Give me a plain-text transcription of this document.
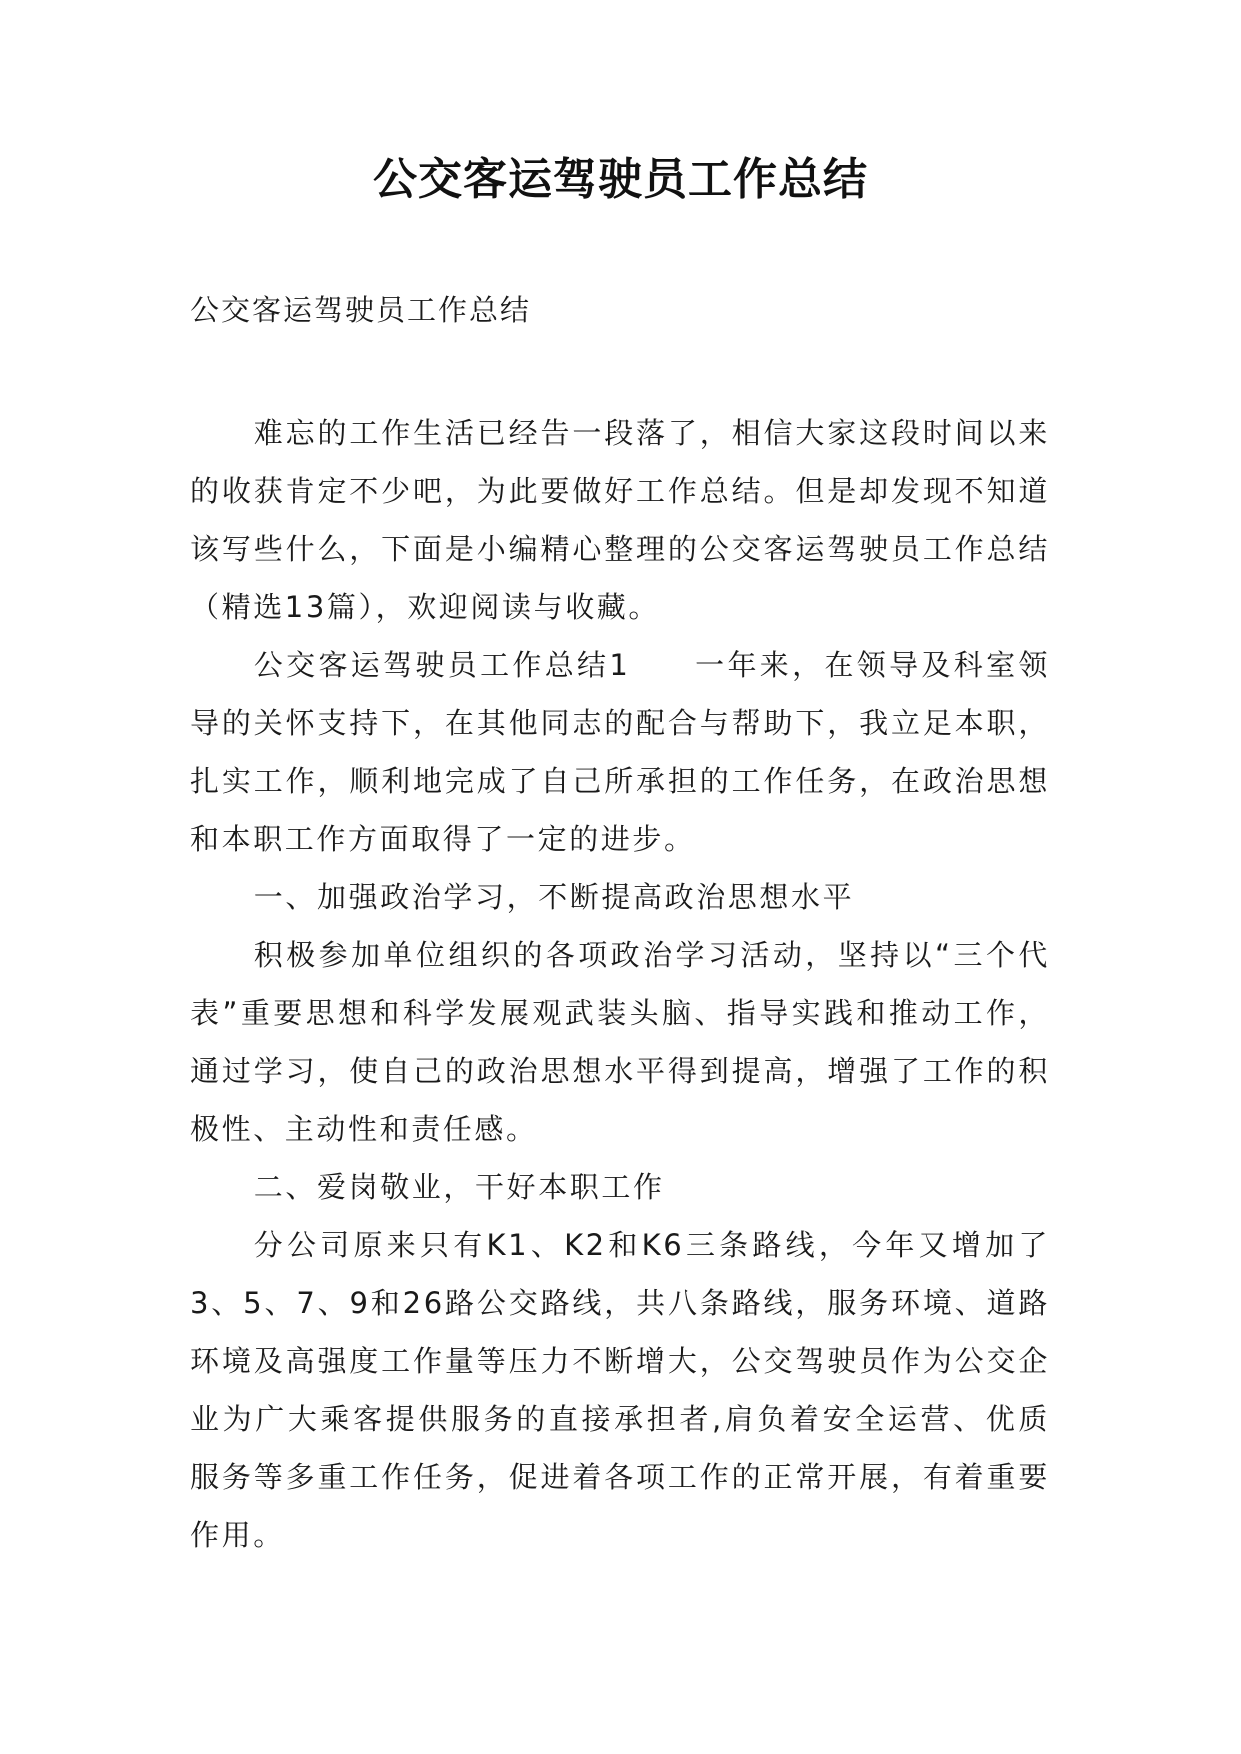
公交客运驾驶员工作总结
公交客运驾驶员工作总结

难忘的工作生活已经告一段落了，相信大家这段时间以来的收获肯定不少吧，为此要做好工作总结。但是却发现不知道该写些什么，下面是小编精心整理的公交客运驾驶员工作总结（精选13篇），欢迎阅读与收藏。

公交客运驾驶员工作总结1 一年来，在领导及科室领导的关怀支持下，在其他同志的配合与帮助下，我立足本职，扎实工作，顺利地完成了自己所承担的工作任务，在政治思想和本职工作方面取得了一定的进步。

一、加强政治学习，不断提高政治思想水平

积极参加单位组织的各项政治学习活动，坚持以“三个代表”重要思想和科学发展观武装头脑、指导实践和推动工作，通过学习，使自己的政治思想水平得到提高，增强了工作的积极性、主动性和责任感。

二、爱岗敬业，干好本职工作

分公司原来只有K1、K2和K6三条路线，今年又增加了3、5、7、9和26路公交路线，共八条路线，服务环境、道路环境及高强度工作量等压力不断增大，公交驾驶员作为公交企业为广大乘客提供服务的直接承担者,肩负着安全运营、优质服务等多重工作任务，促进着各项工作的正常开展，有着重要作用。
